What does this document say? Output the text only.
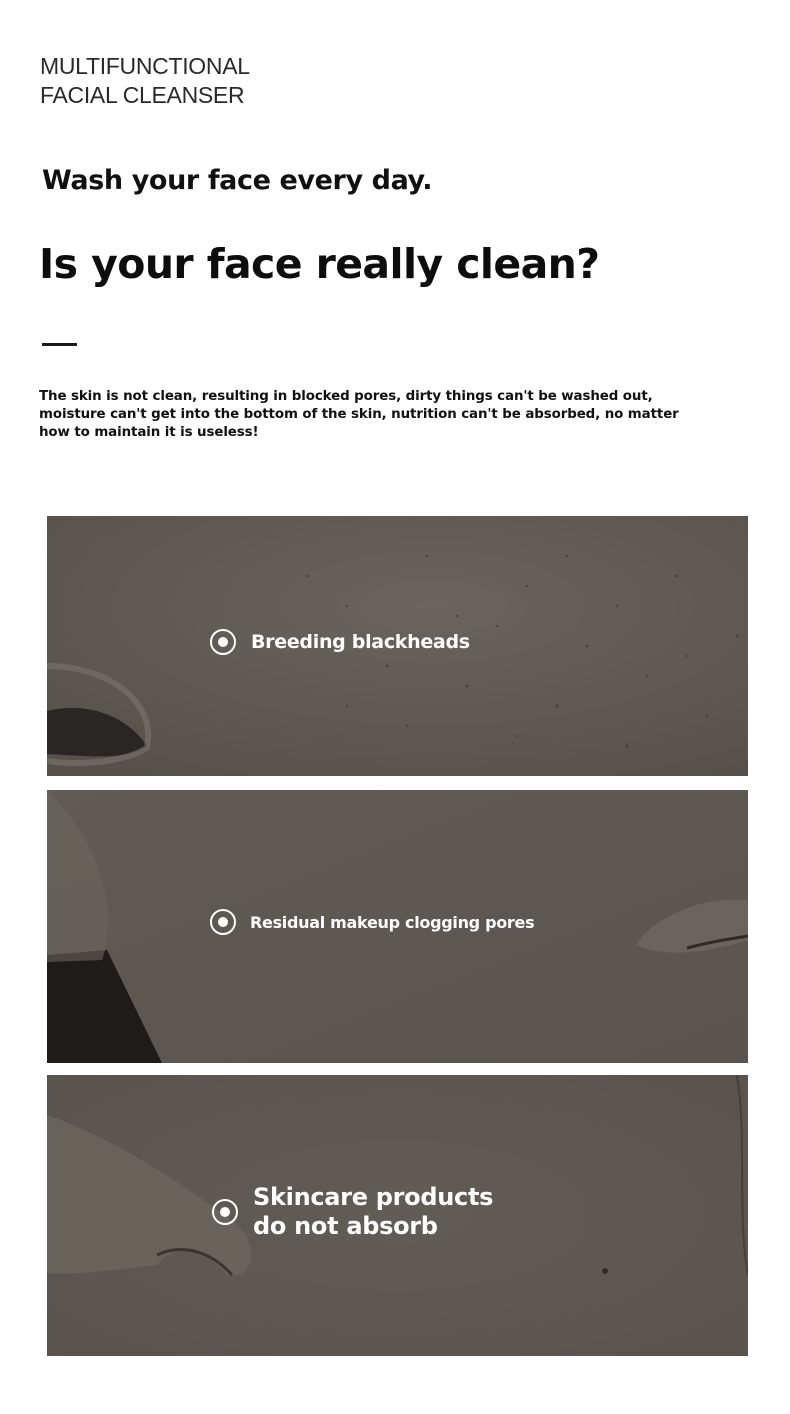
MULTIFUNCTIONAL
FACIAL CLEANSER
Wash your face every day.
Is your face really clean?
The skin is not clean, resulting in blocked pores, dirty things can't be washed out, moisture can't get into the bottom of the skin, nutrition can't be absorbed, no matter how to maintain it is useless!
Breeding blackheads
Residual makeup clogging pores
Skincare products
do not absorb
